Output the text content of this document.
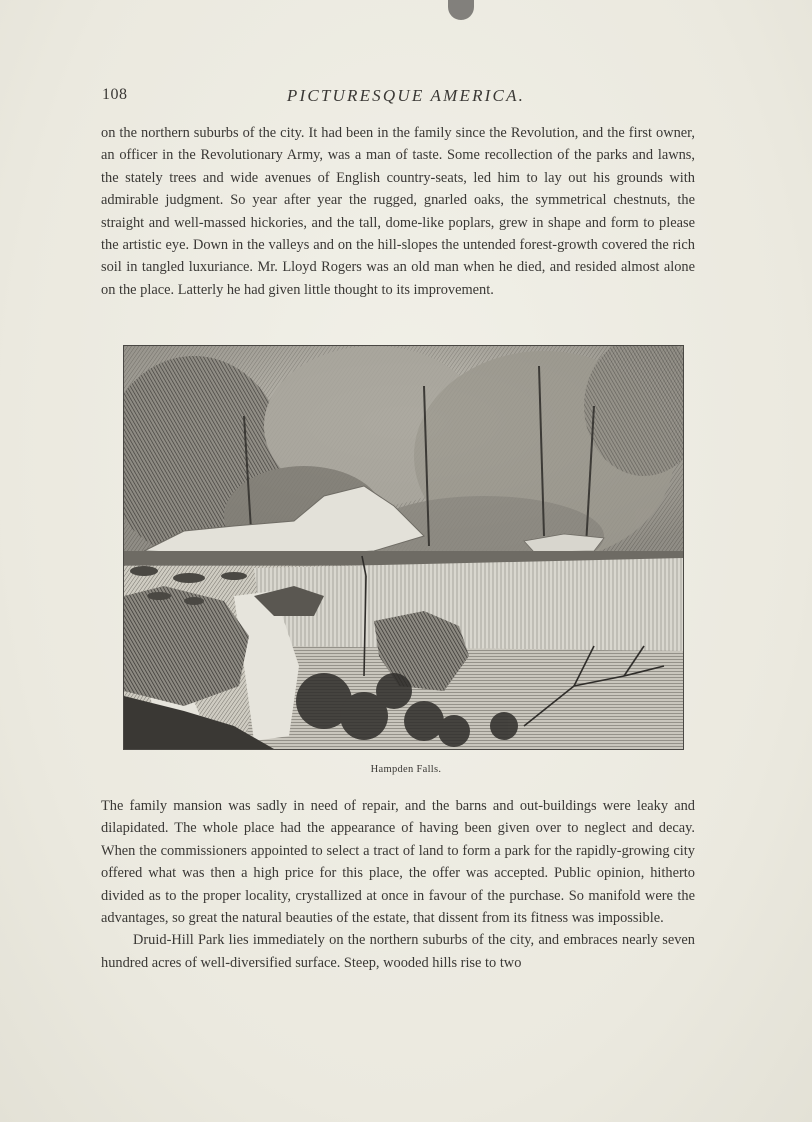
108	PICTURESQUE AMERICA.

on the northern suburbs of the city. It had been in the family since the Revolution, and the first owner, an officer in the Revolutionary Army, was a man of taste. Some recollection of the parks and lawns, the stately trees and wide avenues of English country-seats, led him to lay out his grounds with admirable judgment. So year after year the rugged, gnarled oaks, the symmetrical chestnuts, the straight and well-massed hickories, and the tall, dome-like poplars, grew in shape and form to please the artistic eye. Down in the valleys and on the hill-slopes the untended forest-growth covered the rich soil in tangled luxuriance. Mr. Lloyd Rogers was an old man when he died, and resided almost alone on the place. Latterly he had given little thought to its improvement.

Hampden Falls.

The family mansion was sadly in need of repair, and the barns and out-buildings were leaky and dilapidated. The whole place had the appearance of having been given over to neglect and decay. When the commissioners appointed to select a tract of land to form a park for the rapidly-growing city offered what was then a high price for this place, the offer was accepted. Public opinion, hitherto divided as to the proper locality, crystallized at once in favour of the purchase. So manifold were the advantages, so great the natural beauties of the estate, that dissent from its fitness was impossible.

Druid-Hill Park lies immediately on the northern suburbs of the city, and embraces nearly seven hundred acres of well-diversified surface. Steep, wooded hills rise to two
